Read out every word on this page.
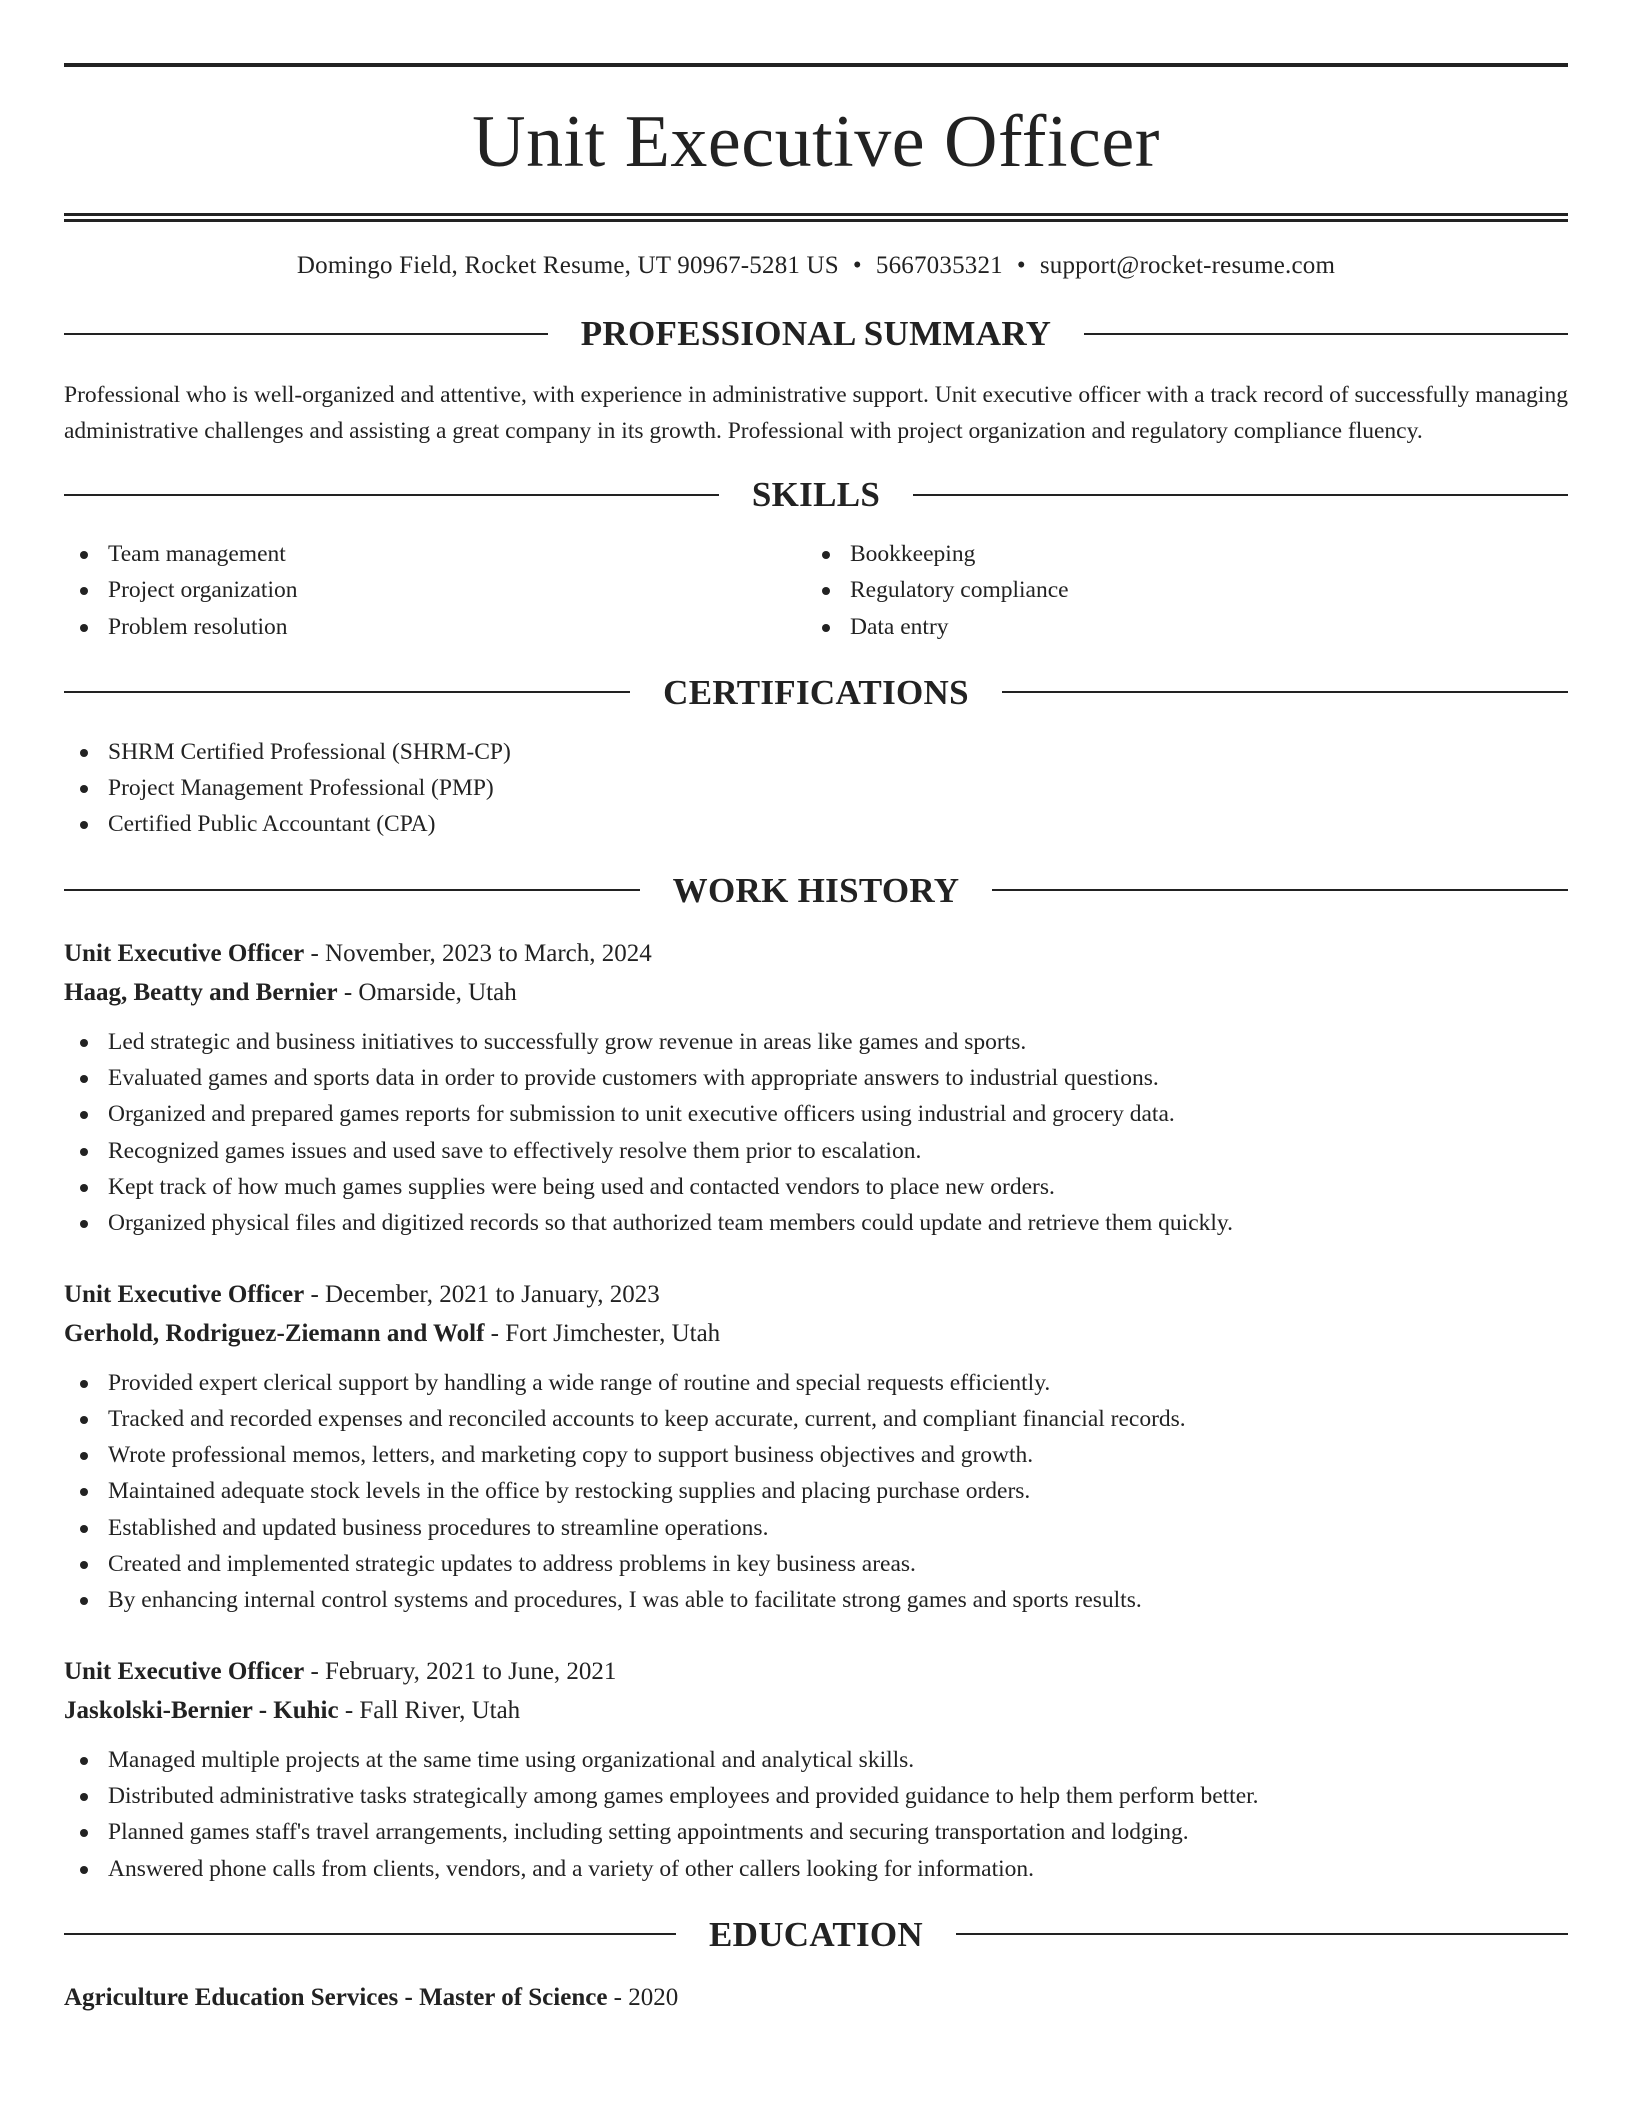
Unit Executive Officer
Domingo Field, Rocket Resume, UT 90967-5281 US • 5667035321 • support@rocket-resume.com
PROFESSIONAL SUMMARY

Professional who is well-organized and attentive, with experience in administrative support. Unit executive officer with a track record of successfully managing administrative challenges and assisting a great company in its growth. Professional with project organization and regulatory compliance fluency.

SKILLS
Team management
Project organization
Problem resolution
Bookkeeping
Regulatory compliance
Data entry
CERTIFICATIONS
SHRM Certified Professional (SHRM-CP)
Project Management Professional (PMP)
Certified Public Accountant (CPA)
WORK HISTORY
Unit Executive Officer - November, 2023 to March, 2024
Haag, Beatty and Bernier - Omarside, Utah
Led strategic and business initiatives to successfully grow revenue in areas like games and sports.
Evaluated games and sports data in order to provide customers with appropriate answers to industrial questions.
Organized and prepared games reports for submission to unit executive officers using industrial and grocery data.
Recognized games issues and used save to effectively resolve them prior to escalation.
Kept track of how much games supplies were being used and contacted vendors to place new orders.
Organized physical files and digitized records so that authorized team members could update and retrieve them quickly.
Unit Executive Officer - December, 2021 to January, 2023
Gerhold, Rodriguez-Ziemann and Wolf - Fort Jimchester, Utah
Provided expert clerical support by handling a wide range of routine and special requests efficiently.
Tracked and recorded expenses and reconciled accounts to keep accurate, current, and compliant financial records.
Wrote professional memos, letters, and marketing copy to support business objectives and growth.
Maintained adequate stock levels in the office by restocking supplies and placing purchase orders.
Established and updated business procedures to streamline operations.
Created and implemented strategic updates to address problems in key business areas.
By enhancing internal control systems and procedures, I was able to facilitate strong games and sports results.
Unit Executive Officer - February, 2021 to June, 2021
Jaskolski-Bernier - Kuhic - Fall River, Utah
Managed multiple projects at the same time using organizational and analytical skills.
Distributed administrative tasks strategically among games employees and provided guidance to help them perform better.
Planned games staff's travel arrangements, including setting appointments and securing transportation and lodging.
Answered phone calls from clients, vendors, and a variety of other callers looking for information.
EDUCATION
Agriculture Education Services - Master of Science - 2020
